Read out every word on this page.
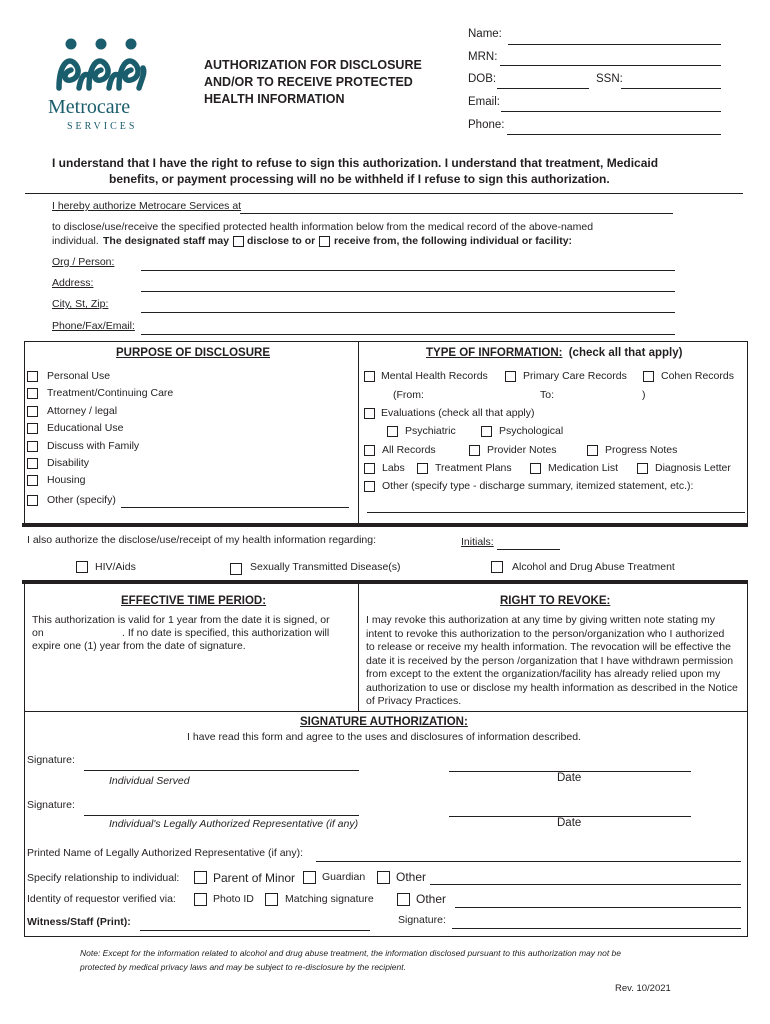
Metrocare
SERVICES
AUTHORIZATION FOR DISCLOSURE
AND/OR TO RECEIVE PROTECTED
HEALTH INFORMATION
Name:
MRN:
DOB:	SSN:
Email:
Phone:
I understand that I have the right to refuse to sign this authorization. I understand that treatment, Medicaid
benefits, or payment processing will no be withheld if I refuse to sign this authorization.
I hereby authorize Metrocare Services at
to disclose/use/receive the specified protected health information below from the medical record of the above-named
individual. The designated staff may disclose to or receive from, the following individual or facility:
Org / Person:
Address:
City, St, Zip:
Phone/Fax/Email:
PURPOSE OF DISCLOSURE
Personal Use
Treatment/Continuing Care
Attorney / legal
Educational Use
Discuss with Family
Disability
Housing
Other (specify)
TYPE OF INFORMATION: (check all that apply)
Mental Health Records	Primary Care Records	Cohen Records
(From:	To:	)
Evaluations (check all that apply)
Psychiatric	Psychological
All Records	Provider Notes	Progress Notes
Labs	Treatment Plans	Medication List	Diagnosis Letter
Other (specify type - discharge summary, itemized statement, etc.):
I also authorize the disclose/use/receipt of my health information regarding:	Initials:
HIV/Aids	Sexually Transmitted Disease(s)	Alcohol and Drug Abuse Treatment
EFFECTIVE TIME PERIOD:
This authorization is valid for 1 year from the date it is signed, or
on	. If no date is specified, this authorization will
expire one (1) year from the date of signature.
RIGHT TO REVOKE:
I may revoke this authorization at any time by giving written note stating my
intent to revoke this authorization to the person/organization who I authorized
to release or receive my health information. The revocation will be effective the
date it is received by the person /organization that I have withdrawn permission
from except to the extent the organization/facility has already relied upon my
authorization to use or disclose my health information as described in the Notice
of Privacy Practices.
SIGNATURE AUTHORIZATION:
I have read this form and agree to the uses and disclosures of information described.
Signature:
Individual Served	Date
Signature:
Individual's Legally Authorized Representative (if any)	Date
Printed Name of Legally Authorized Representative (if any):
Specify relationship to individual:	Parent of Minor	Guardian	Other
Identity of requestor verified via:	Photo ID	Matching signature	Other
Witness/Staff (Print):	Signature:
Note: Except for the information related to alcohol and drug abuse treatment, the information disclosed pursuant to this authorization may not be
protected by medical privacy laws and may be subject to re-disclosure by the recipient.
Rev. 10/2021
